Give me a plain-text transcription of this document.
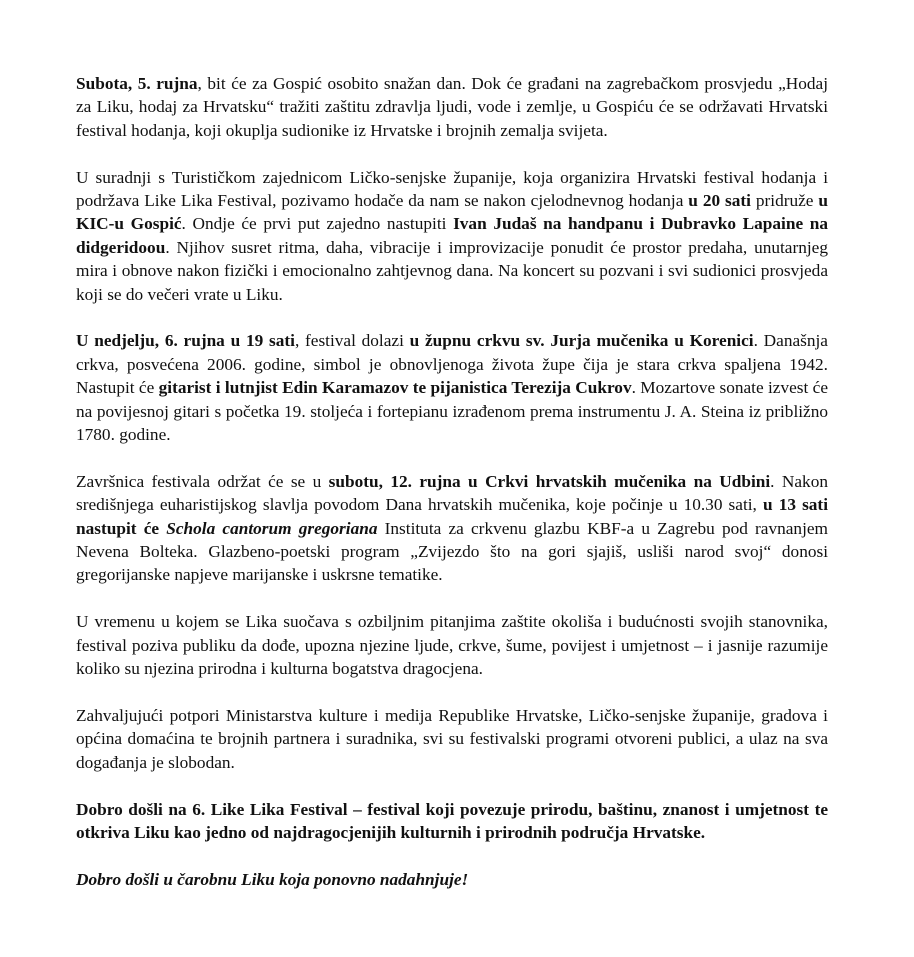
Subota, 5. rujna, bit će za Gospić osobito snažan dan. Dok će građani na zagrebačkom prosvjedu „Hodaj za Liku, hodaj za Hrvatsku“ tražiti zaštitu zdravlja ljudi, vode i zemlje, u Gospiću će se održavati Hrvatski festival hodanja, koji okuplja sudionike iz Hrvatske i brojnih zemalja svijeta.

U suradnji s Turističkom zajednicom Ličko-senjske županije, koja organizira Hrvatski festival hodanja i podržava Like Lika Festival, pozivamo hodače da nam se nakon cjelodnevnog hodanja u 20 sati pridruže u KIC-u Gospić. Ondje će prvi put zajedno nastupiti Ivan Judaš na handpanu i Dubravko Lapaine na didgeridoou. Njihov susret ritma, daha, vibracije i improvizacije ponudit će prostor predaha, unutarnjeg mira i obnove nakon fizički i emocionalno zahtjevnog dana. Na koncert su pozvani i svi sudionici prosvjeda koji se do večeri vrate u Liku.

U nedjelju, 6. rujna u 19 sati, festival dolazi u župnu crkvu sv. Jurja mučenika u Korenici. Današnja crkva, posvećena 2006. godine, simbol je obnovljenoga života župe čija je stara crkva spaljena 1942. Nastupit će gitarist i lutnjist Edin Karamazov te pijanistica Terezija Cukrov. Mozartove sonate izvest će na povijesnoj gitari s početka 19. stoljeća i fortepianu izrađenom prema instrumentu J. A. Steina iz približno 1780. godine.

Završnica festivala održat će se u subotu, 12. rujna u Crkvi hrvatskih mučenika na Udbini. Nakon središnjega euharistijskog slavlja povodom Dana hrvatskih mučenika, koje počinje u 10.30 sati, u 13 sati nastupit će Schola cantorum gregoriana Instituta za crkvenu glazbu KBF-a u Zagrebu pod ravnanjem Nevena Bolteka. Glazbeno-poetski program „Zvijezdo što na gori sjajiš, usliši narod svoj“ donosi gregorijanske napjeve marijanske i uskrsne tematike.

U vremenu u kojem se Lika suočava s ozbiljnim pitanjima zaštite okoliša i budućnosti svojih stanovnika, festival poziva publiku da dođe, upozna njezine ljude, crkve, šume, povijest i umjetnost – i jasnije razumije koliko su njezina prirodna i kulturna bogatstva dragocjena.

Zahvaljujući potpori Ministarstva kulture i medija Republike Hrvatske, Ličko-senjske županije, gradova i općina domaćina te brojnih partnera i suradnika, svi su festivalski programi otvoreni publici, a ulaz na sva događanja je slobodan.

Dobro došli na 6. Like Lika Festival – festival koji povezuje prirodu, baštinu, znanost i umjetnost te otkriva Liku kao jedno od najdragocjenijih kulturnih i prirodnih područja Hrvatske.

Dobro došli u čarobnu Liku koja ponovno nadahnjuje!
